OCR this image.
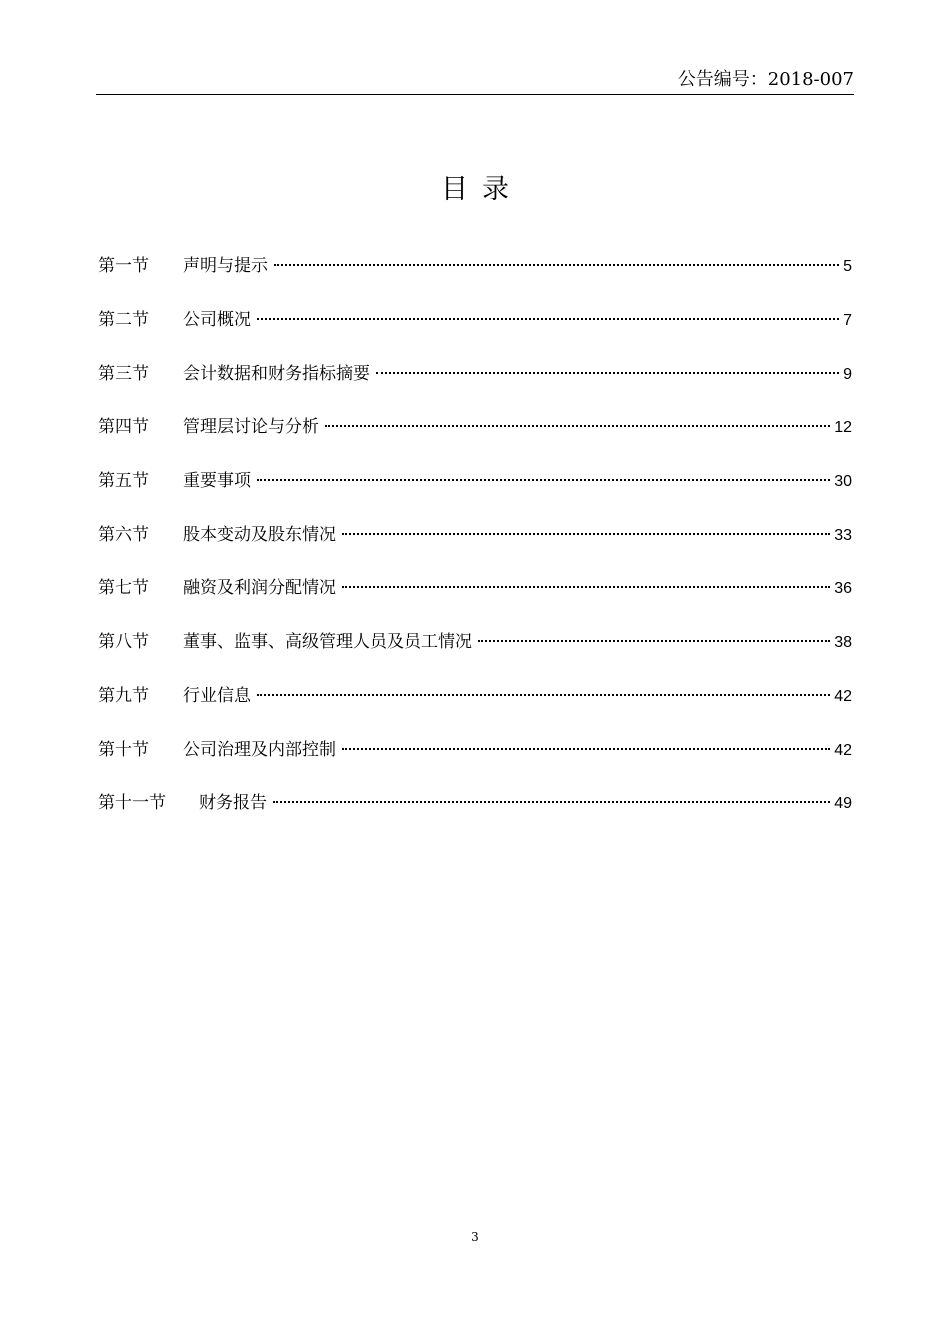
公告编号：2018-007
目录
第一节	声明与提示	5
第二节	公司概况	7
第三节	会计数据和财务指标摘要	9
第四节	管理层讨论与分析	12
第五节	重要事项	30
第六节	股本变动及股东情况	33
第七节	融资及利润分配情况	36
第八节	董事、监事、高级管理人员及员工情况	38
第九节	行业信息	42
第十节	公司治理及内部控制	42
第十一节	财务报告	49
3
